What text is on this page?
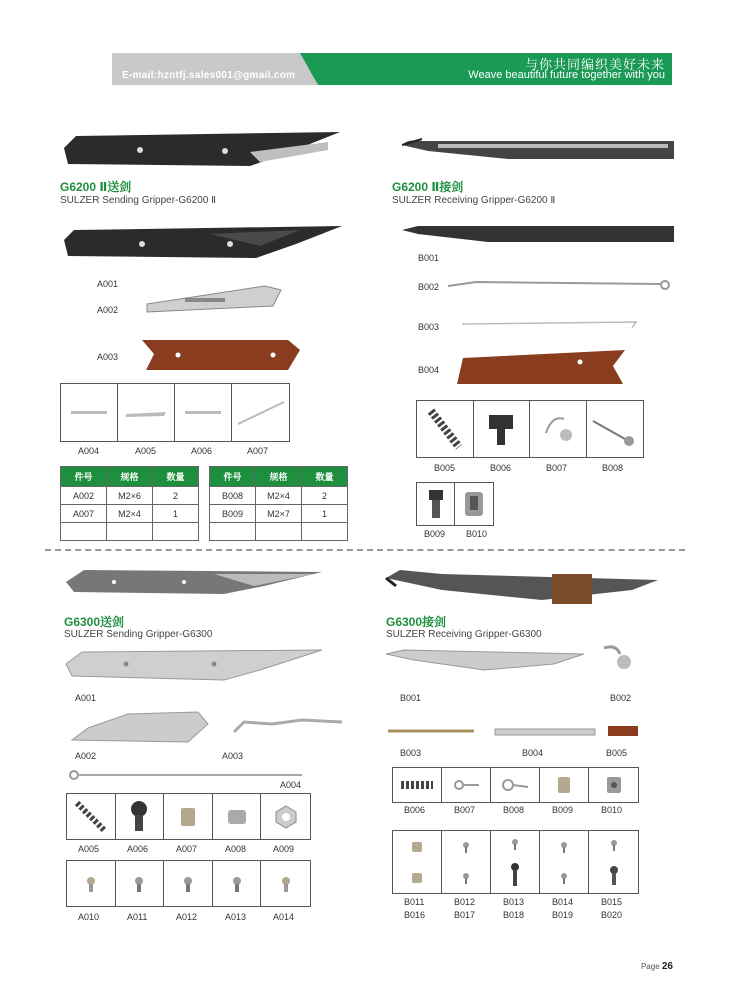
E-mail:hzntfj.sales001@gmail.com
与你共同编织美好未来
Weave beautiful future together with you
G6200 Ⅱ送剑
SULZER Sending Gripper-G6200 Ⅱ
A001
A002
A003
A004	A005	A006	A007
件号	规格	数量		件号	规格	数量
A002	M2×6	2		B008	M2×4	2
A007	M2×4	1		B009	M2×7	1

G6200 Ⅱ接剑
SULZER Receiving Gripper-G6200 Ⅱ
B001
B002
B003
B004
B005	B006	B007	B008
B009 B010
G6300送剑
SULZER Sending Gripper-G6300
A001
A002	A003
A004
A005	A006	A007	A008	A009
A010	A011	A012	A013	A014
G6300接剑
SULZER Receiving Gripper-G6300
B001	B002
B003	B004	B005
B006	B007	B008	B009	B010
B011	B012	B013	B014	B015
B016	B017	B018	B019	B020
Page 26
